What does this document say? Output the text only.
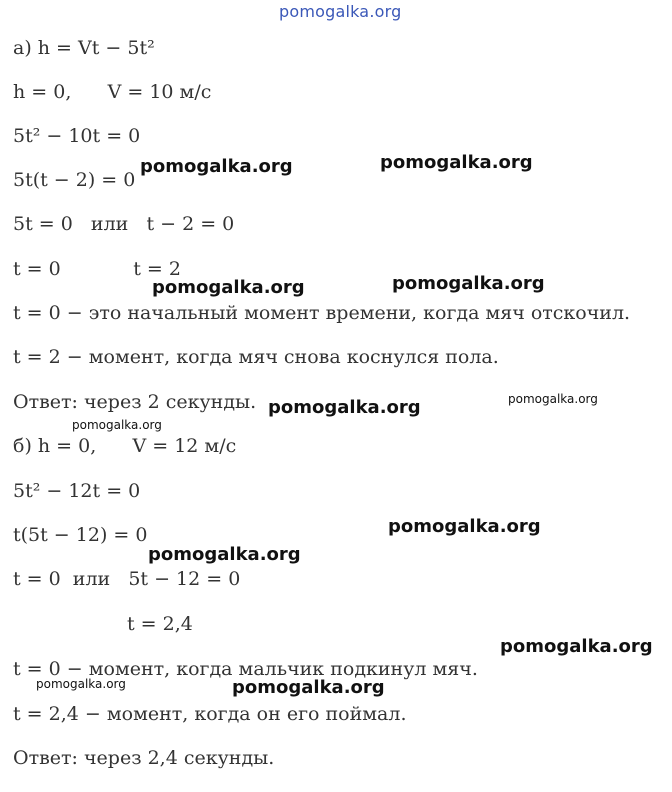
pomogalka.org
а) h = Vt − 5t²
h = 0,      V = 10 м/с
5t² − 10t = 0
5t(t − 2) = 0
5t = 0   или   t − 2 = 0
t = 0            t = 2
t = 0 − это начальный момент времени, когда мяч отскочил.
t = 2 − момент, когда мяч снова коснулся пола.
Ответ: через 2 секунды.
б) h = 0,      V = 12 м/с
5t² − 12t = 0
t(5t − 12) = 0
t = 0  или   5t − 12 = 0
t = 2,4
t = 0 − момент, когда мальчик подкинул мяч.
t = 2,4 − момент, когда он его поймал.
Ответ: через 2,4 секунды.
pomogalka.org	pomogalka.org
pomogalka.org	pomogalka.org
pomogalka.org	pomogalka.org
pomogalka.org
pomogalka.org
pomogalka.org
pomogalka.org
pomogalka.org	pomogalka.org
